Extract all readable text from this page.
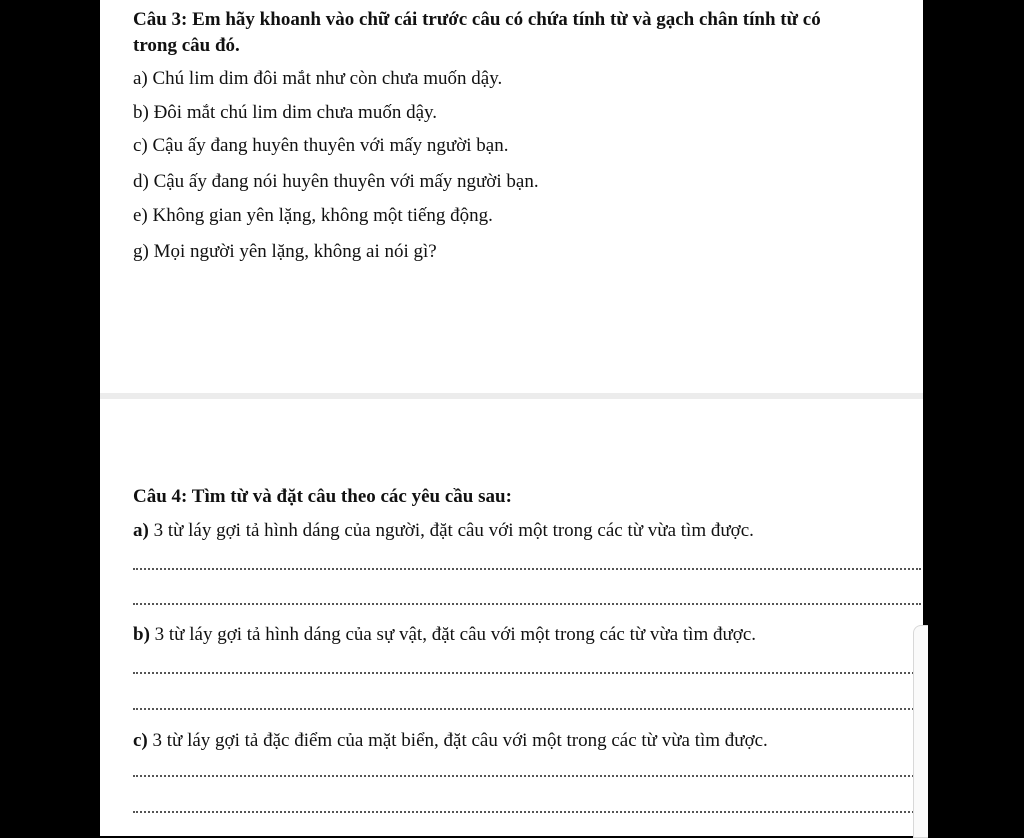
Câu 3: Em hãy khoanh vào chữ cái trước câu có chứa tính từ và gạch chân tính từ có
trong câu đó.
a) Chú lim dim đôi mắt như còn chưa muốn dậy.
b) Đôi mắt chú lim dim chưa muốn dậy.
c) Cậu ấy đang huyên thuyên với mấy người bạn.
d) Cậu ấy đang nói huyên thuyên với mấy người bạn.
e) Không gian yên lặng, không một tiếng động.
g) Mọi người yên lặng, không ai nói gì?
Câu 4: Tìm từ và đặt câu theo các yêu cầu sau:
a) 3 từ láy gợi tả hình dáng của người, đặt câu với một trong các từ vừa tìm được.
b) 3 từ láy gợi tả hình dáng của sự vật, đặt câu với một trong các từ vừa tìm được.
c) 3 từ láy gợi tả đặc điểm của mặt biển, đặt câu với một trong các từ vừa tìm được.
